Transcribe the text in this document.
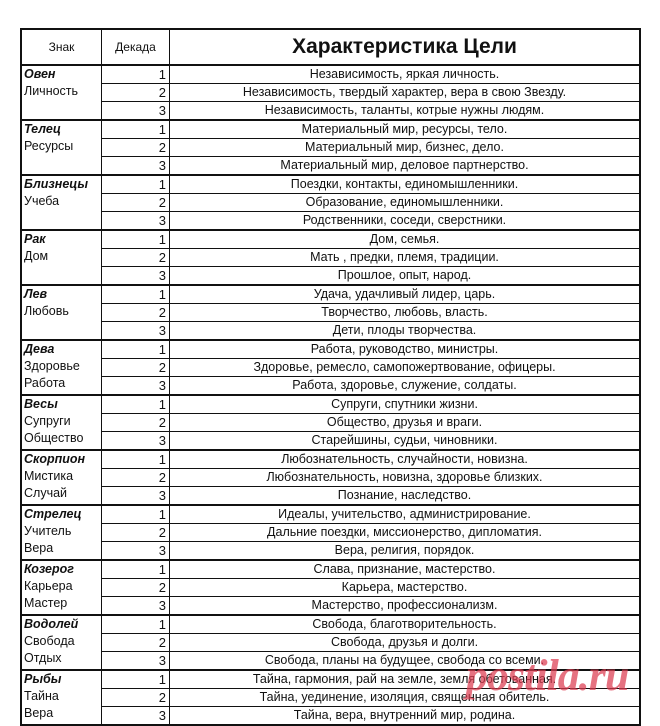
Знак	Декада	Характеристика Цели
Овен
Личность
1	Независимость, яркая личность.
2	Независимость, твердый характер, вера в свою Звезду.
3	Независимость, таланты, котрые нужны людям.
Телец
Ресурсы
1	Материальный мир, ресурсы, тело.
2	Материальный мир, бизнес, дело.
3	Материальный мир, деловое партнерство.
Близнецы
Учеба
1	Поездки, контакты, единомышленники.
2	Образование, единомышленники.
3	Родственники, соседи, сверстники.
Рак
Дом
1	Дом, семья.
2	Мать , предки, племя, традиции.
3	Прошлое, опыт, народ.
Лев
Любовь
1	Удача, удачливый лидер, царь.
2	Творчество, любовь, власть.
3	Дети, плоды творчества.
Дева
Здоровье
Работа
1	Работа, руководство, министры.
2	Здоровье, ремесло, самопожертвование, офицеры.
3	Работа, здоровье, служение, солдаты.
Весы
Супруги
Общество
1	Супруги, спутники жизни.
2	Общество, друзья и враги.
3	Старейшины, судьи, чиновники.
Скорпион
Мистика
Случай
1	Любознательность, случайности, новизна.
2	Любознательность, новизна, здоровье близких.
3	Познание, наследство.
Стрелец
Учитель
Вера
1	Идеалы, учительство, администрирование.
2	Дальние поездки, миссионерство, дипломатия.
3	Вера, религия, порядок.
Козерог
Карьера
Мастер
1	Слава, признание, мастерство.
2	Карьера, мастерство.
3	Мастерство, профессионализм.
Водолей
Свобода
Отдых
1	Свобода, благотворительность.
2	Свобода, друзья и долги.
3	Свобода, планы на будущее, свобода со всеми.
Рыбы
Тайна
Вера
1	Тайна, гармония, рай на земле, земля обетованная.
2	Тайна, уединение, изоляция, священная обитель.
3	Тайна, вера, внутренний мир, родина.
postila.ru
